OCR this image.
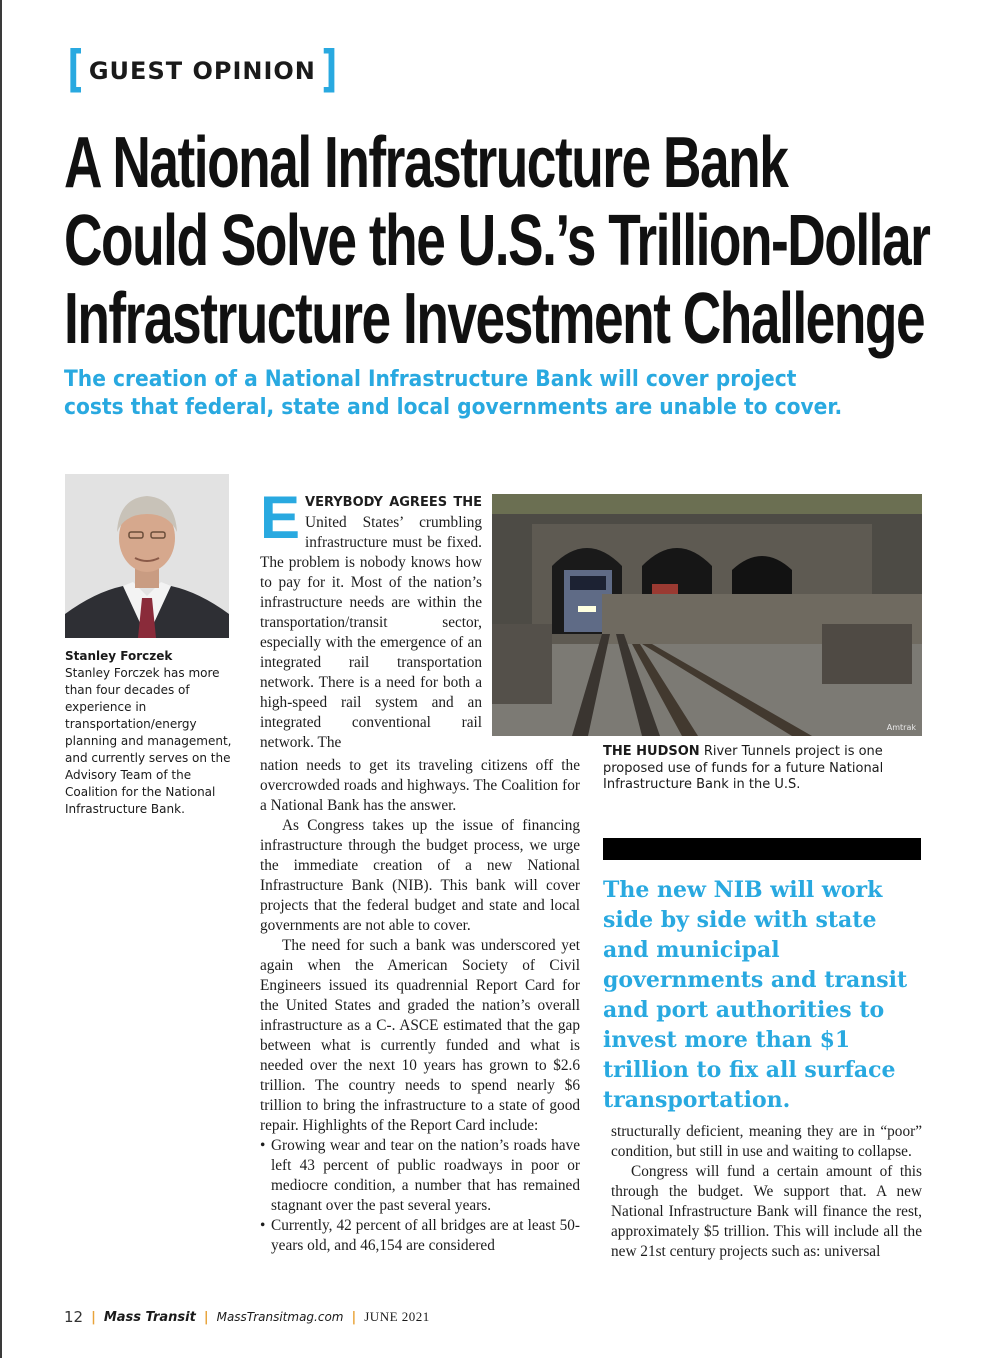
[ GUEST OPINION ]
A National Infrastructure Bank
Could Solve the U.S.’s Trillion-Dollar
Infrastructure Investment Challenge
The creation of a National Infrastructure Bank will cover project
costs that federal, state and local governments are unable to cover.

Stanley Forczek
Stanley Forczek has more than four decades of experience in transportation/energy planning and management, and currently serves on the Advisory Team of the Coalition for the National Infrastructure Bank.

E VERYBODY AGREES THE United States’ crumbling infrastructure must be fixed. The problem is nobody knows how to pay for it. Most of the nation’s infrastructure needs are within the transportation/transit sector, especially with the emergence of an integrated rail transportation network. There is a need for both a high-speed rail system and an integrated conventional rail network. The
Amtrak

THE HUDSON River Tunnels project is one proposed use of funds for a future National Infrastructure Bank in the U.S.

nation needs to get its traveling citizens off the overcrowded roads and highways. The Coalition for a National Bank has the answer.

As Congress takes up the issue of financing infrastructure through the budget process, we urge the immediate creation of a new National Infrastructure Bank (NIB). This bank will cover projects that the federal budget and state and local governments are not able to cover.

The need for such a bank was underscored yet again when the American Society of Civil Engineers issued its quadrennial Report Card for the United States and graded the nation’s overall infrastructure as a C-. ASCE estimated that the gap between what is currently funded and what is needed over the next 10 years has grown to $2.6 trillion. The country needs to spend nearly $6 trillion to bring the infrastructure to a state of good repair. Highlights of the Report Card include:

• Growing wear and tear on the nation’s roads have left 43 percent of public roadways in poor or mediocre condition, a number that has remained stagnant over the past several years.
• Currently, 42 percent of all bridges are at least 50-years old, and 46,154 are considered

The new NIB will work side by side with state and municipal governments and transit and port authorities to invest more than $1 trillion to fix all surface transportation.

structurally deficient, meaning they are in “poor” condition, but still in use and waiting to collapse.

Congress will fund a certain amount of this through the budget. We support that. A new National Infrastructure Bank will finance the rest, approximately $5 trillion. This will include all the new 21st century projects such as: universal

12 | Mass Transit | MassTransitmag.com | JUNE 2021
